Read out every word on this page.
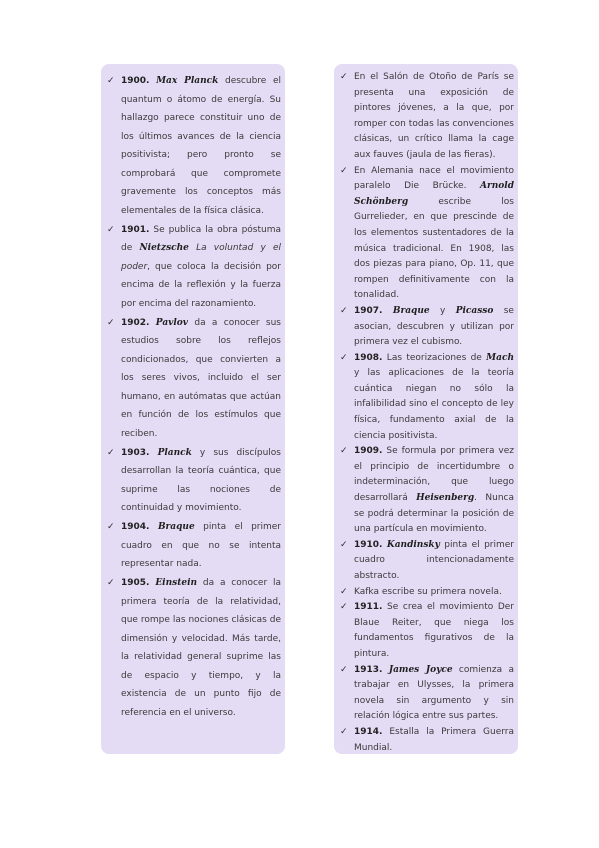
✓ 1900. Max Planck descubre el quantum o átomo de energía. Su hallazgo parece constituir uno de los últimos avances de la ciencia positivista; pero pronto se comprobará que compromete gravemente los conceptos más elementales de la física clásica.
✓ 1901. Se publica la obra póstuma de Nietzsche La voluntad y el poder, que coloca la decisión por encima de la reflexión y la fuerza por encima del razonamiento.
✓ 1902. Pavlov da a conocer sus estudios sobre los reflejos condicionados, que convierten a los seres vivos, incluido el ser humano, en autómatas que actúan en función de los estímulos que reciben.
✓ 1903. Planck y sus discípulos desarrollan la teoría cuántica, que suprime las nociones de continuidad y movimiento.
✓ 1904. Braque pinta el primer cuadro en que no se intenta representar nada.
✓ 1905. Einstein da a conocer la primera teoría de la relatividad, que rompe las nociones clásicas de dimensión y velocidad. Más tarde, la relatividad general suprime las de espacio y tiempo, y la existencia de un punto fijo de referencia en el universo.
✓ En el Salón de Otoño de París se presenta una exposición de pintores jóvenes, a la que, por romper con todas las convenciones clásicas, un crítico llama la cage aux fauves (jaula de las fieras).
✓ En Alemania nace el movimiento paralelo Die Brücke. Arnold Schönberg escribe los Gurrelieder, en que prescinde de los elementos sustentadores de la música tradicional. En 1908, las dos piezas para piano, Op. 11, que rompen definitivamente con la tonalidad.
✓ 1907. Braque y Picasso se asocian, descubren y utilizan por primera vez el cubismo.
✓ 1908. Las teorizaciones de Mach y las aplicaciones de la teoría cuántica niegan no sólo la infalibilidad sino el concepto de ley física, fundamento axial de la ciencia positivista.
✓ 1909. Se formula por primera vez el principio de incertidumbre o indeterminación, que luego desarrollará Heisenberg. Nunca se podrá determinar la posición de una partícula en movimiento.
✓ 1910. Kandinsky pinta el primer cuadro intencionadamente abstracto.
✓ Kafka escribe su primera novela.
✓ 1911. Se crea el movimiento Der Blaue Reiter, que niega los fundamentos figurativos de la pintura.
✓ 1913. James Joyce comienza a trabajar en Ulysses, la primera novela sin argumento y sin relación lógica entre sus partes.
✓ 1914. Estalla la Primera Guerra Mundial.
